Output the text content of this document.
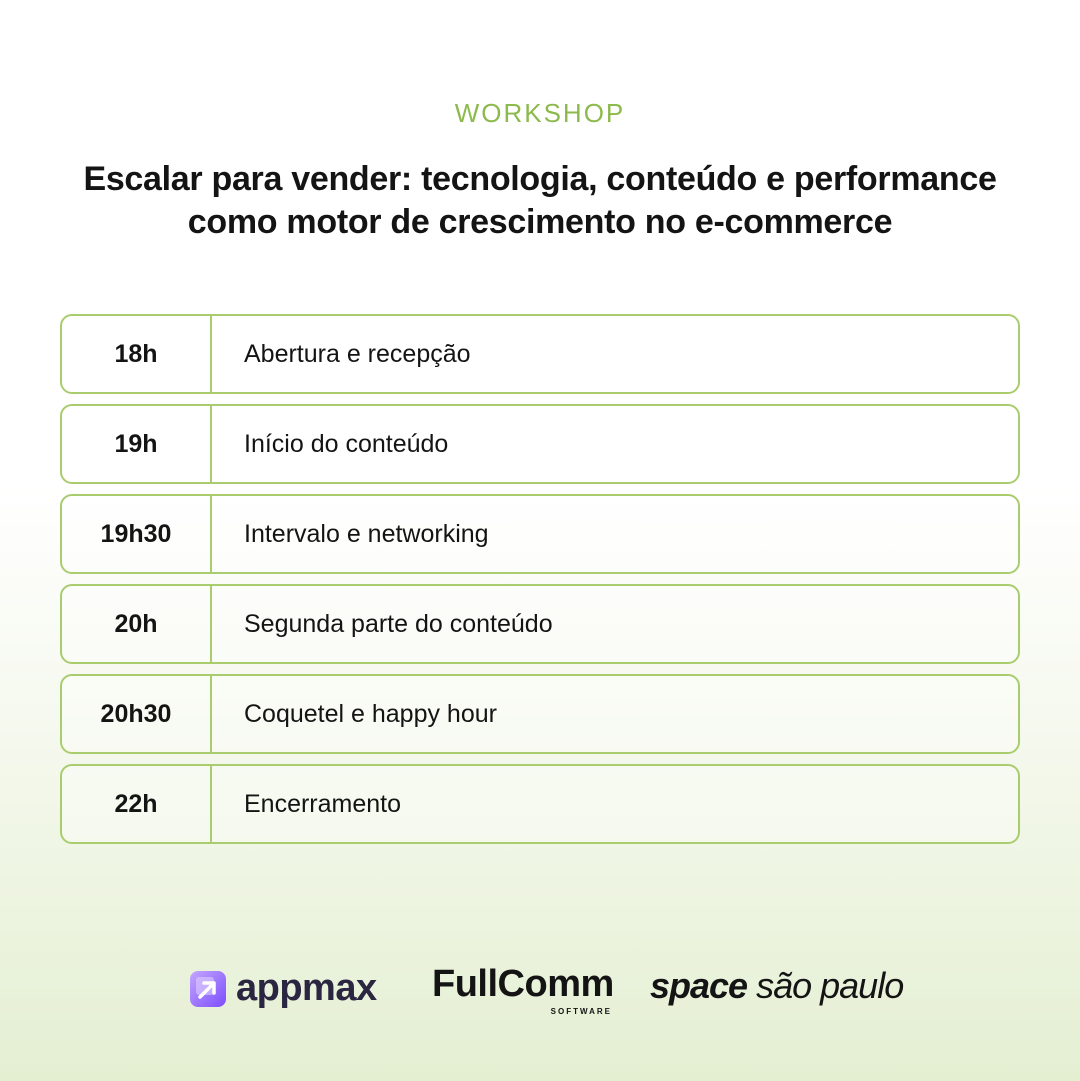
WORKSHOP
Escalar para vender: tecnologia, conteúdo e performance
como motor de crescimento no e-commerce
18h	Abertura e recepção
19h	Início do conteúdo
19h30	Intervalo e networking
20h	Segunda parte do conteúdo
20h30	Coquetel e happy hour
22h	Encerramento
appmax FullComm
SOFTWARE
space são paulo
